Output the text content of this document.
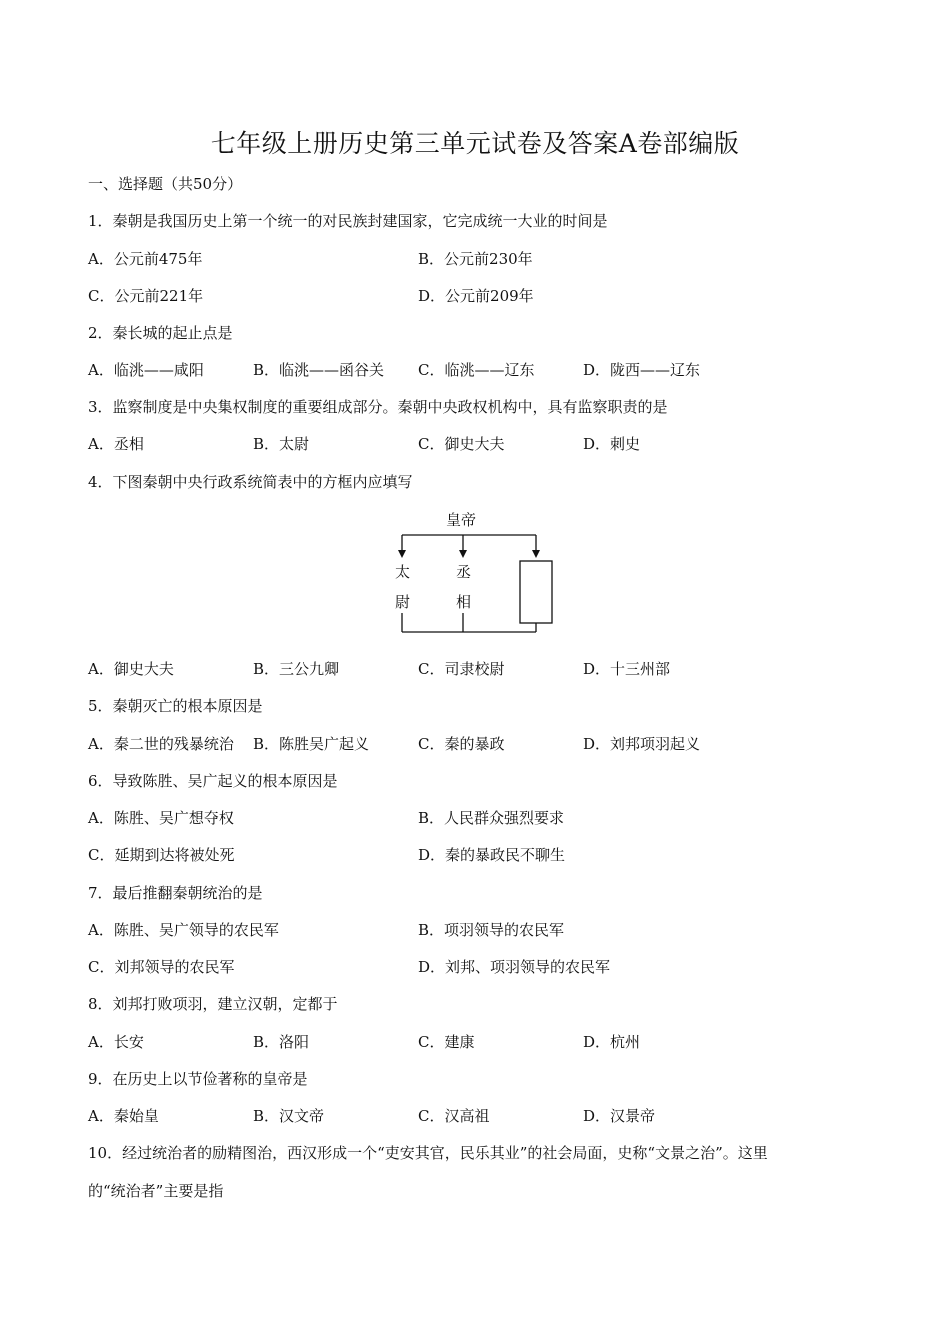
七年级上册历史第三单元试卷及答案A卷部编版
一、选择题（共50分）
1．秦朝是我国历史上第一个统一的对民族封建国家，它完成统一大业的时间是
A．公元前475年	B．公元前230年
C．公元前221年	D．公元前209年
2．秦长城的起止点是
A．临洮——咸阳	B．临洮——函谷关 C．临洮——辽东	D．陇西——辽东
3．监察制度是中央集权制度的重要组成部分。秦朝中央政权机构中，具有监察职责的是
A．丞相	B．太尉	C．御史大夫	D．刺史
4．下图秦朝中央行政系统简表中的方框内应填写
皇帝
太
尉
丞
相
A．御史大夫	B．三公九卿	C．司隶校尉	D．十三州部
5．秦朝灭亡的根本原因是
A．秦二世的残暴统治 B．陈胜吴广起义	C．秦的暴政	D．刘邦项羽起义
6．导致陈胜、吴广起义的根本原因是
A．陈胜、吴广想夺权	B．人民群众强烈要求
C．延期到达将被处死	D．秦的暴政民不聊生
7．最后推翻秦朝统治的是
A．陈胜、吴广领导的农民军	B．项羽领导的农民军
C．刘邦领导的农民军	D．刘邦、项羽领导的农民军
8．刘邦打败项羽，建立汉朝，定都于
A．长安	B．洛阳	C．建康	D．杭州
9．在历史上以节俭著称的皇帝是
A．秦始皇	B．汉文帝	C．汉高祖	D．汉景帝
10．经过统治者的励精图治，西汉形成一个“吏安其官，民乐其业”的社会局面，史称“文景之治”。这里
的“统治者”主要是指
